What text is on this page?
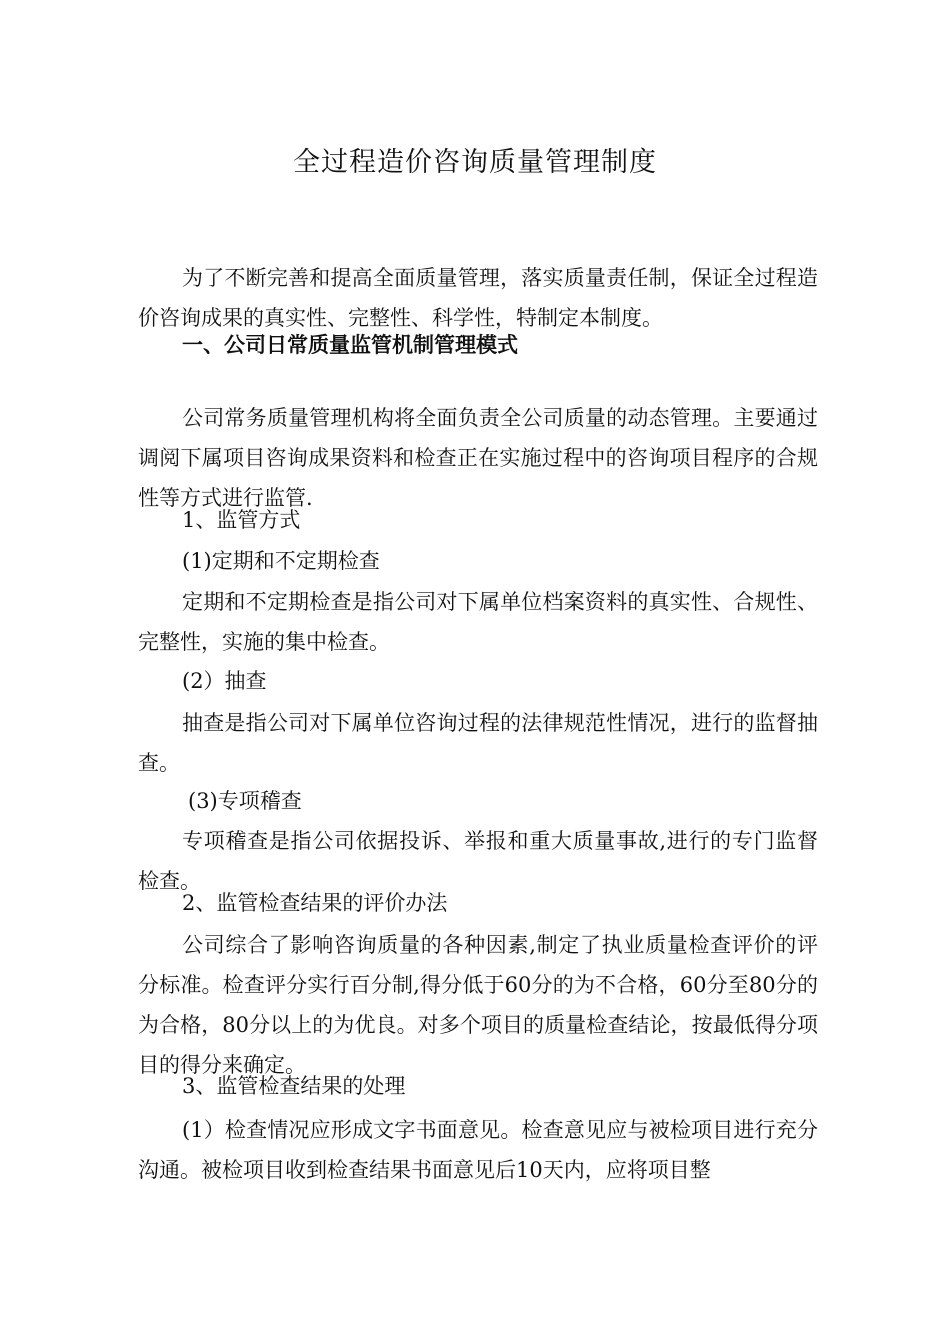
全过程造价咨询质量管理制度

为了不断完善和提高全面质量管理，落实质量责任制，保证全过程造价咨询成果的真实性、完整性、科学性，特制定本制度。

一、公司日常质量监管机制管理模式

公司常务质量管理机构将全面负责全公司质量的动态管理。主要通过调阅下属项目咨询成果资料和检查正在实施过程中的咨询项目程序的合规性等方式进行监管.

1、监管方式

(1)定期和不定期检查

定期和不定期检查是指公司对下属单位档案资料的真实性、合规性、完整性，实施的集中检查。

(2）抽查

抽查是指公司对下属单位咨询过程的法律规范性情况，进行的监督抽查。

(3)专项稽查

专项稽查是指公司依据投诉、举报和重大质量事故,进行的专门监督检查。

2、监管检查结果的评价办法

公司综合了影响咨询质量的各种因素,制定了执业质量检查评价的评分标准。检查评分实行百分制,得分低于60分的为不合格，60分至80分的为合格，80分以上的为优良。对多个项目的质量检查结论，按最低得分项目的得分来确定。

3、监管检查结果的处理

(1）检查情况应形成文字书面意见。检查意见应与被检项目进行充分沟通。被检项目收到检查结果书面意见后10天内，应将项目整
